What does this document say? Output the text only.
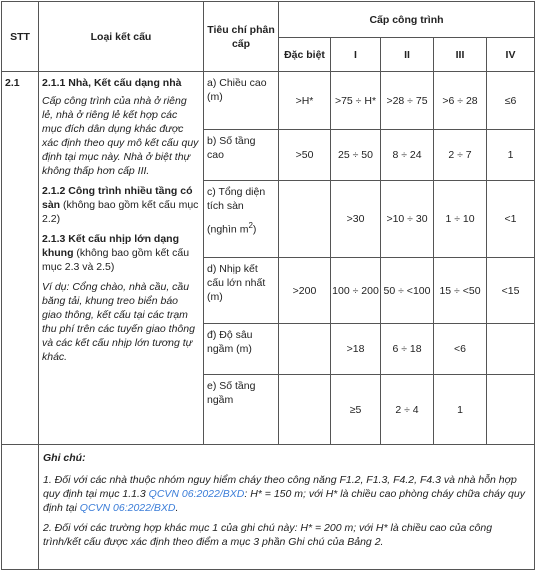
STT	Loại kết cấu	Tiêu chí phân cấp	Cấp công trình				
			Đặc biệt	I	II	III	IV
2.1	2.1.1 Nhà, Kết cấu dạng nhà

Cấp công trình của nhà ở riêng lẻ, nhà ở riêng lẻ kết hợp các mục đích dân dụng khác được xác định theo quy mô kết cấu quy định tại mục này. Nhà ở biệt thự không thấp hơn cấp III.

2.1.2 Công trình nhiều tầng có sàn (không bao gồm kết cấu mục 2.2)

2.1.3 Kết cấu nhịp lớn dạng khung (không bao gồm kết cấu mục 2.3 và 2.5)

Ví dụ: Cổng chào, nhà cầu, cầu băng tải, khung treo biển báo giao thông, kết cấu tại các trạm thu phí trên các tuyến giao thông và các kết cấu nhịp lớn tương tự khác.	a) Chiều cao (m)	>H*	>75 ÷ H*	>28 ÷ 75	>6 ÷ 28	≤6
		b) Số tầng cao	>50	25 ÷ 50	8 ÷ 24	2 ÷ 7	1

		c) Tổng diện tích sàn

(nghìn $m^2$)		>30	>10 ÷ 30	1 ÷ 10	<1
		d) Nhịp kết cấu lớn nhất (m)	>200	100 ÷ 200	50 ÷ <100	15 ÷ <50	<15
		đ) Độ sâu ngầm (m)		>18	6 ÷ 18	<6	
		e) Số tầng ngầm		≥5	2 ÷ 4	1	

	Ghi chú:

1. Đối với các nhà thuộc nhóm nguy hiểm cháy theo công năng F1.2, F1.3, F4.2, F4.3 và nhà hỗn hợp quy định tại mục 1.1.3 QCVN 06:2022/BXD: H* = 150 m; với H* là chiều cao phòng cháy chữa cháy quy định tại QCVN 06:2022/BXD.

2. Đối với các trường hợp khác mục 1 của ghi chú này: H* = 200 m; với H* là chiều cao của công trình/kết cấu được xác định theo điểm a mục 3 phần Ghi chú của Bảng 2.						
